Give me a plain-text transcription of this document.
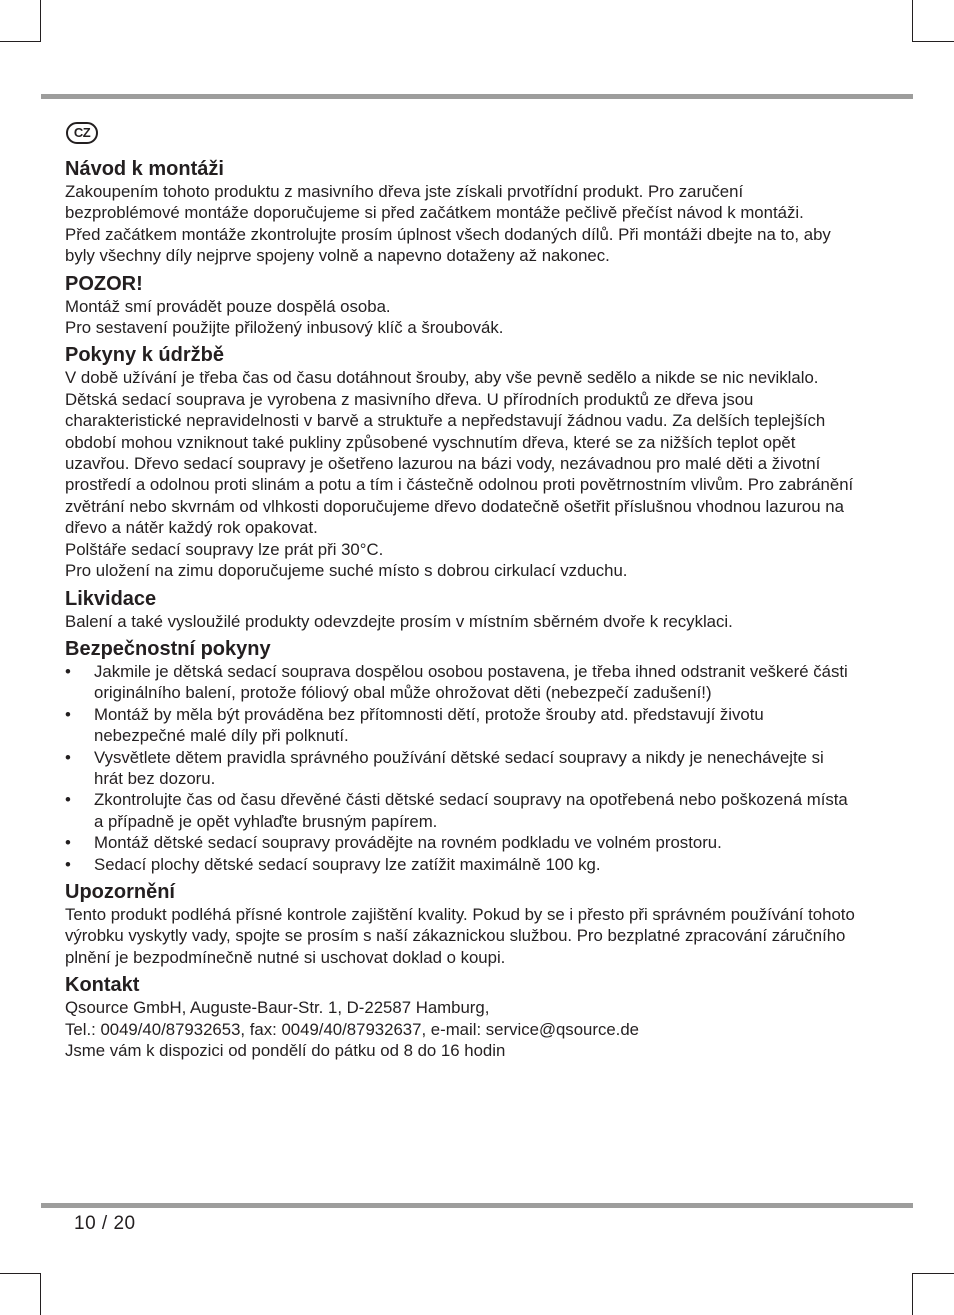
CZ
Návod k montáži

Zakoupením tohoto produktu z masivního dřeva jste získali prvotřídní produkt. Pro zaručení bezproblémové montáže doporučujeme si před začátkem montáže pečlivě přečíst návod k montáži.

Před začátkem montáže zkontrolujte prosím úplnost všech dodaných dílů. Při montáži dbejte na to, aby byly všechny díly nejprve spojeny volně a napevno dotaženy až nakonec.

POZOR!

Montáž smí provádět pouze dospělá osoba.

Pro sestavení použijte přiložený inbusový klíč a šroubovák.

Pokyny k údržbě

V době užívání je třeba čas od času dotáhnout šrouby, aby vše pevně sedělo a nikde se nic neviklalo. Dětská sedací souprava je vyrobena z masivního dřeva. U přírodních produktů ze dřeva jsou charakteristické nepravidelnosti v barvě a struktuře a nepředstavují žádnou vadu. Za delších teplejších období mohou vzniknout také pukliny způsobené vyschnutím dřeva, které se za nižších teplot opět uzavřou. Dřevo sedací soupravy je ošetřeno lazurou na bázi vody, nezávadnou pro malé děti a životní prostředí a odolnou proti slinám a potu a tím i částečně odolnou proti povětrnostním vlivům. Pro zabránění zvětrání nebo skvrnám od vlhkosti doporučujeme dřevo dodatečně ošetřit příslušnou vhodnou lazurou na dřevo a nátěr každý rok opakovat.

Polštáře sedací soupravy lze prát při 30°C.

Pro uložení na zimu doporučujeme suché místo s dobrou cirkulací vzduchu.

Likvidace

Balení a také vysloužilé produkty odevzdejte prosím v místním sběrném dvoře k recyklaci.

Bezpečnostní pokyny
• Jakmile je dětská sedací souprava dospělou osobou postavena, je třeba ihned odstranit veškeré části originálního balení, protože fóliový obal může ohrožovat děti (nebezpečí zadušení!)
• Montáž by měla být prováděna bez přítomnosti dětí, protože šrouby atd. představují životu nebezpečné malé díly při polknutí.
• Vysvětlete dětem pravidla správného používání dětské sedací soupravy a nikdy je nenechávejte si hrát bez dozoru.
• Zkontrolujte čas od času dřevěné části dětské sedací soupravy na opotřebená nebo poškozená místa a případně je opět vyhlaďte brusným papírem.
• Montáž dětské sedací soupravy provádějte na rovném podkladu ve volném prostoru.
• Sedací plochy dětské sedací soupravy lze zatížit maximálně 100 kg.
Upozornění

Tento produkt podléhá přísné kontrole zajištění kvality. Pokud by se i přesto při správném používání tohoto výrobku vyskytly vady, spojte se prosím s naší zákaznickou službou. Pro bezplatné zpracování záručního plnění je bezpodmínečně nutné si uschovat doklad o koupi.

Kontakt

Qsource GmbH, Auguste-Baur-Str. 1, D-22587 Hamburg,

Tel.: 0049/40/87932653, fax: 0049/40/87932637, e-mail: service@qsource.de

Jsme vám k dispozici od pondělí do pátku od 8 do 16 hodin

10 / 20
